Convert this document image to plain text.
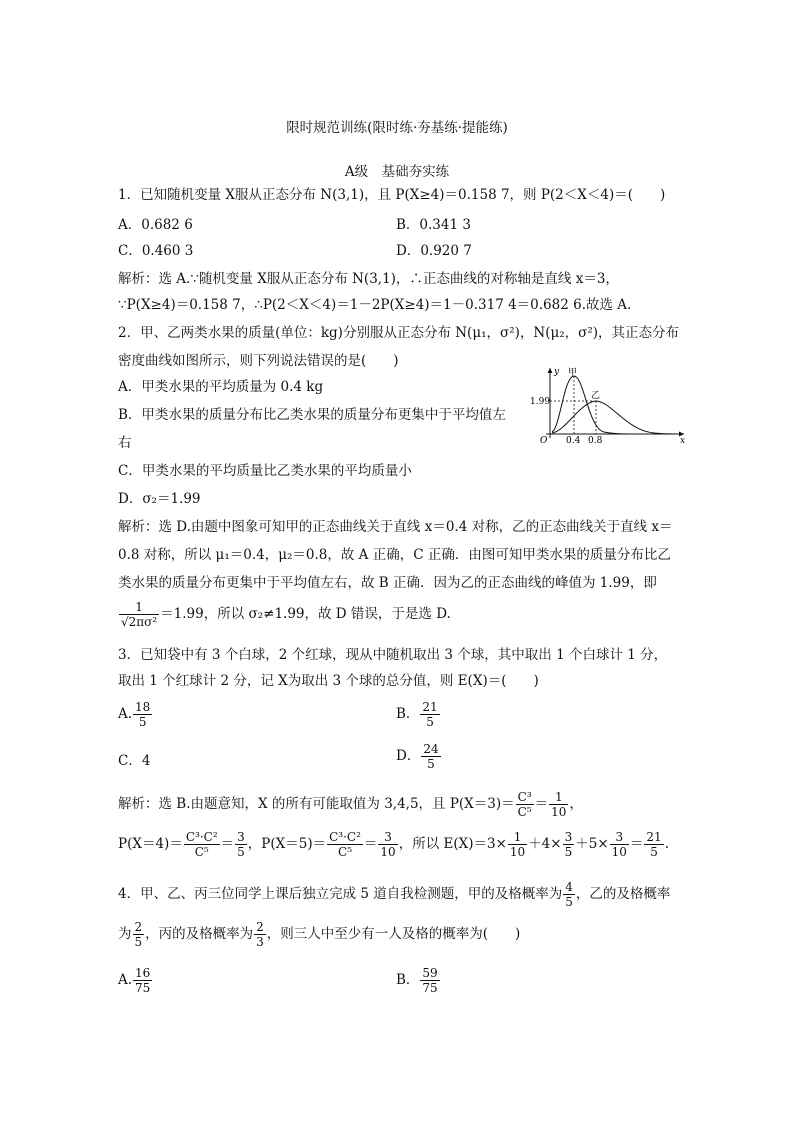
限时规范训练(限时练·夯基练·提能练)
A级　基础夯实练
1．已知随机变量 X服从正态分布 N(3,1)，且 P(X≥4)＝0.158 7，则 P(2＜X＜4)＝(　　)
A．0.682 6	B．0.341 3
C．0.460 3	D．0.920 7
解析：选 A.∵随机变量 X服从正态分布 N(3,1)，∴正态曲线的对称轴是直线 x＝3，
∵P(X≥4)＝0.158 7，∴P(2＜X＜4)＝1－2P(X≥4)＝1－0.317 4＝0.682 6.故选 A.
2．甲、乙两类水果的质量(单位：kg)分别服从正态分布 N(μ₁，σ²)，N(μ₂，σ²)，其正态分布
密度曲线如图所示，则下列说法错误的是(　　)
A．甲类水果的平均质量为 0.4 kg
B．甲类水果的质量分布比乙类水果的质量分布更集中于平均值左
右
C．甲类水果的平均质量比乙类水果的平均质量小
D．σ₂＝1.99
y
x
O
1.99
0.4 0.8
甲
乙
解析：选 D.由题中图象可知甲的正态曲线关于直线 x＝0.4 对称，乙的正态曲线关于直线 x＝
0.8 对称，所以 μ₁＝0.4，μ₂＝0.8，故 A 正确，C 正确．由图可知甲类水果的质量分布比乙
类水果的质量分布更集中于平均值左右，故 B 正确．因为乙的正态曲线的峰值为 1.99，即
$\frac{1}{\text{√2πσ²}} =1.99$，所以 σ₂≠1.99，故 D 错误，于是选 D.
3．已知袋中有 3 个白球，2 个红球，现从中随机取出 3 个球，其中取出 1 个白球计 1 分，
取出 1 个红球计 2 分，记 X为取出 3 个球的总分值，则 E(X)＝(　　)
A. $\frac{18}{5}$	B． $\frac{21}{5}$
C．4	D． $\frac{24}{5}$
解析：选 B.由题意知，X 的所有可能取值为 3,4,5，且 $P(X=3)= \frac{\text{C³}}{\text{C⁵}} = \frac{1}{10}$ ，
$P(X=4)= \frac{\text{C³·C²}}{\text{C⁵}} = \frac{3}{5}$ ，$P(X=5)= \frac{\text{C³·C²}}{\text{C⁵}} = \frac{3}{10}$ ，所以 $E(X)=3\times \frac{1}{10} +4\times \frac{3}{5} +5\times \frac{3}{10} = \frac{21}{5}$ .
4．甲、乙、丙三位同学上课后独立完成 5 道自我检测题，甲的及格概率为 $\frac{4}{5}$ ，乙的及格概率
为 $\frac{2}{5}$ ，丙的及格概率为 $\frac{2}{3}$ ，则三人中至少有一人及格的概率为(　　)
A. $\frac{16}{75}$	B． $\frac{59}{75}$
